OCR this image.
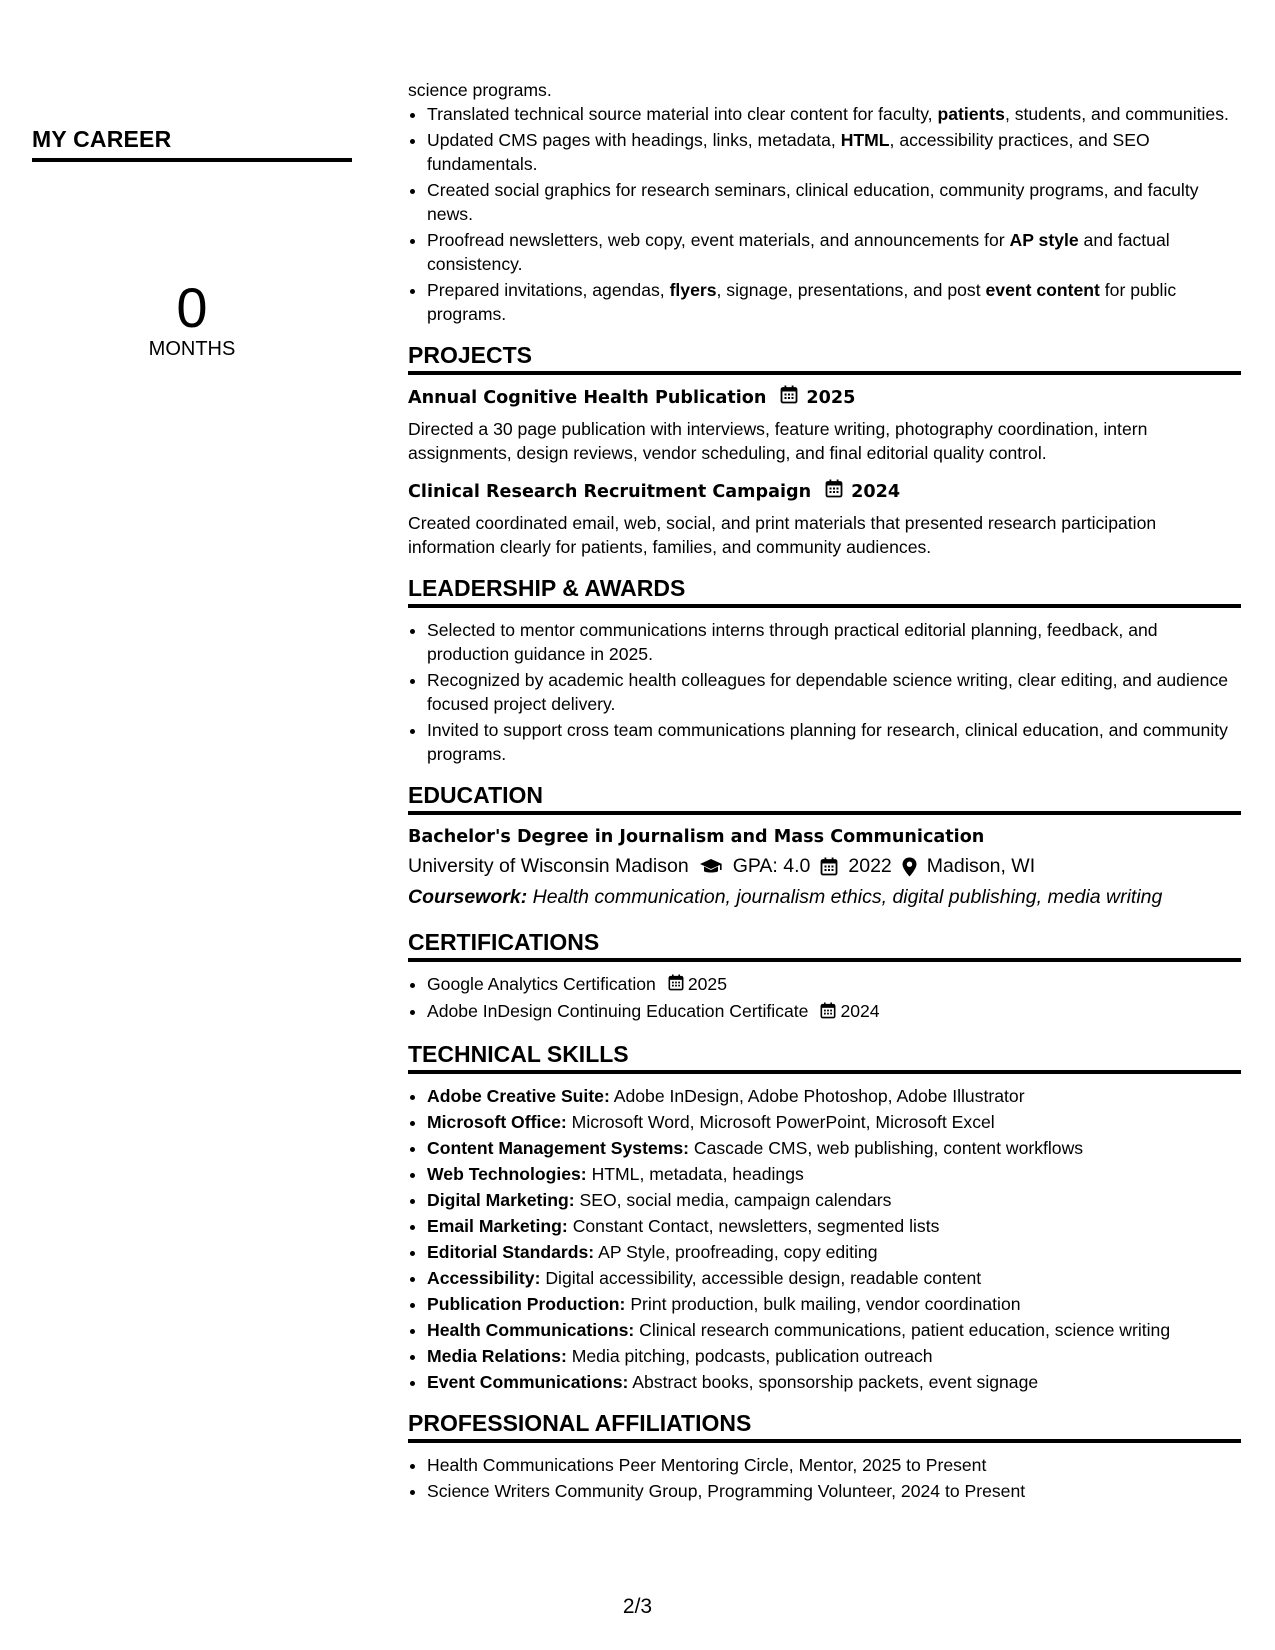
MY CAREER
0
MONTHS

science programs.

• Translated technical source material into clear content for faculty, patients, students, and communities.
• Updated CMS pages with headings, links, metadata, HTML, accessibility practices, and SEO fundamentals.
• Created social graphics for research seminars, clinical education, community programs, and faculty news.
• Proofread newsletters, web copy, event materials, and announcements for AP style and factual consistency.
• Prepared invitations, agendas, flyers, signage, presentations, and post event content for public programs.
PROJECTS

Annual Cognitive Health Publication 2025

Directed a 30 page publication with interviews, feature writing, photography coordination, intern assignments, design reviews, vendor scheduling, and final editorial quality control.

Clinical Research Recruitment Campaign 2024

Created coordinated email, web, social, and print materials that presented research participation information clearly for patients, families, and community audiences.

LEADERSHIP & AWARDS
• Selected to mentor communications interns through practical editorial planning, feedback, and production guidance in 2025.
• Recognized by academic health colleagues for dependable science writing, clear editing, and audience focused project delivery.
• Invited to support cross team communications planning for research, clinical education, and community programs.
EDUCATION

Bachelor's Degree in Journalism and Mass Communication

University of Wisconsin Madison GPA: 4.0 2022 Madison, WI
Coursework: Health communication, journalism ethics, digital publishing, media writing
CERTIFICATIONS
• Google Analytics Certification 2025
• Adobe InDesign Continuing Education Certificate 2024
TECHNICAL SKILLS
• Adobe Creative Suite: Adobe InDesign, Adobe Photoshop, Adobe Illustrator
• Microsoft Office: Microsoft Word, Microsoft PowerPoint, Microsoft Excel
• Content Management Systems: Cascade CMS, web publishing, content workflows
• Web Technologies: HTML, metadata, headings
• Digital Marketing: SEO, social media, campaign calendars
• Email Marketing: Constant Contact, newsletters, segmented lists
• Editorial Standards: AP Style, proofreading, copy editing
• Accessibility: Digital accessibility, accessible design, readable content
• Publication Production: Print production, bulk mailing, vendor coordination
• Health Communications: Clinical research communications, patient education, science writing
• Media Relations: Media pitching, podcasts, publication outreach
• Event Communications: Abstract books, sponsorship packets, event signage
PROFESSIONAL AFFILIATIONS
• Health Communications Peer Mentoring Circle, Mentor, 2025 to Present
• Science Writers Community Group, Programming Volunteer, 2024 to Present
2/3
